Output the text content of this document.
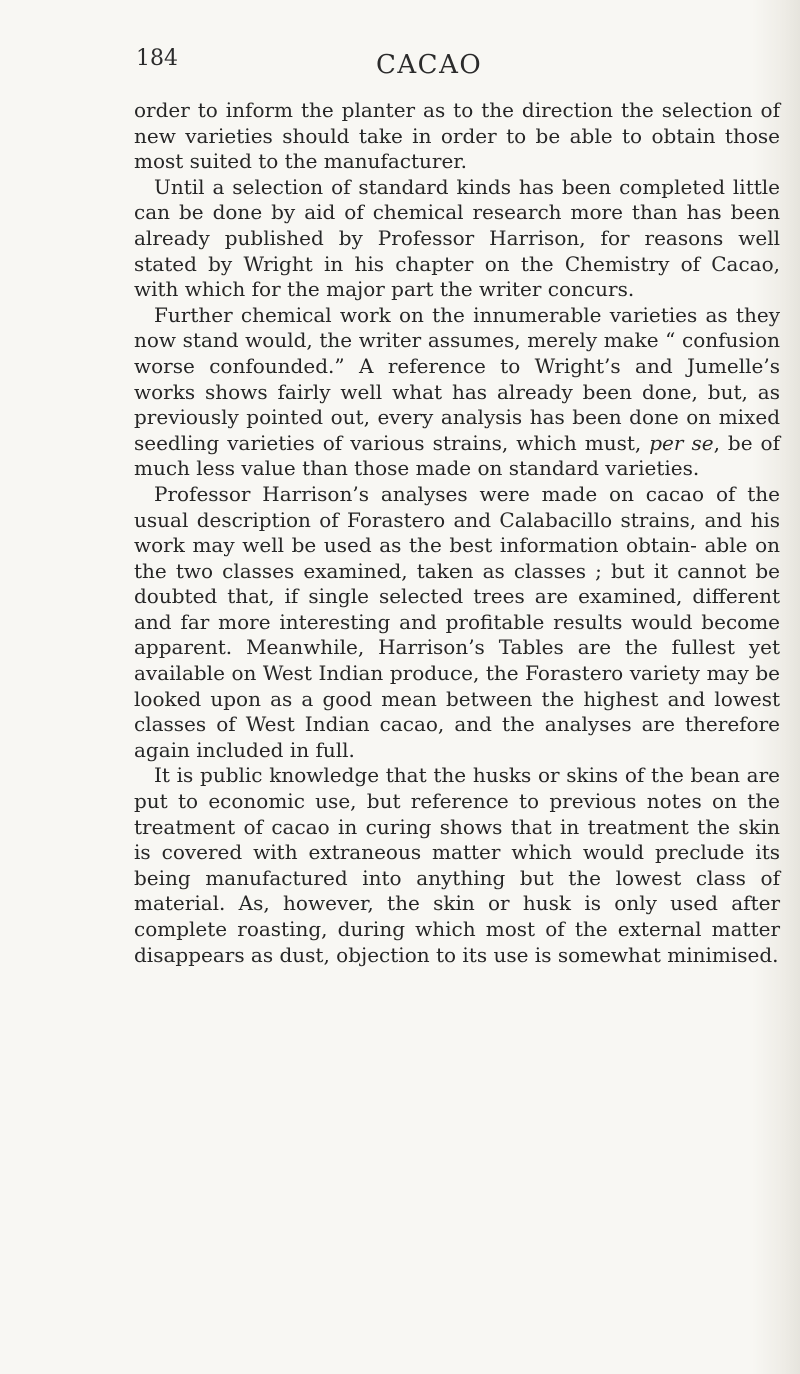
184	CACAO

order to inform the planter as to the direction the selection of new varieties should take in order to be able to obtain those most suited to the manufacturer.

Until a selection of standard kinds has been completed little can be done by aid of chemical research more than has been already published by Professor Harrison, for reasons well stated by Wright in his chapter on the Chemistry of Cacao, with which for the major part the writer concurs.

Further chemical work on the innumerable varieties as they now stand would, the writer assumes, merely make “ confusion worse confounded.” A reference to Wright’s and Jumelle’s works shows fairly well what has already been done, but, as previously pointed out, every analysis has been done on mixed seedling varieties of various strains, which must, per se, be of much less value than those made on standard varieties.

Professor Harrison’s analyses were made on cacao of the usual description of Forastero and Calabacillo strains, and his work may well be used as the best information obtain- able on the two classes examined, taken as classes ; but it cannot be doubted that, if single selected trees are examined, different and far more interesting and profitable results would become apparent. Meanwhile, Harrison’s Tables are the fullest yet available on West Indian produce, the Forastero variety may be looked upon as a good mean between the highest and lowest classes of West Indian cacao, and the analyses are therefore again included in full.

It is public knowledge that the husks or skins of the bean are put to economic use, but reference to previous notes on the treatment of cacao in curing shows that in treatment the skin is covered with extraneous matter which would preclude its being manufactured into anything but the lowest class of material. As, however, the skin or husk is only used after complete roasting, during which most of the external matter disappears as dust, objection to its use is somewhat minimised.
